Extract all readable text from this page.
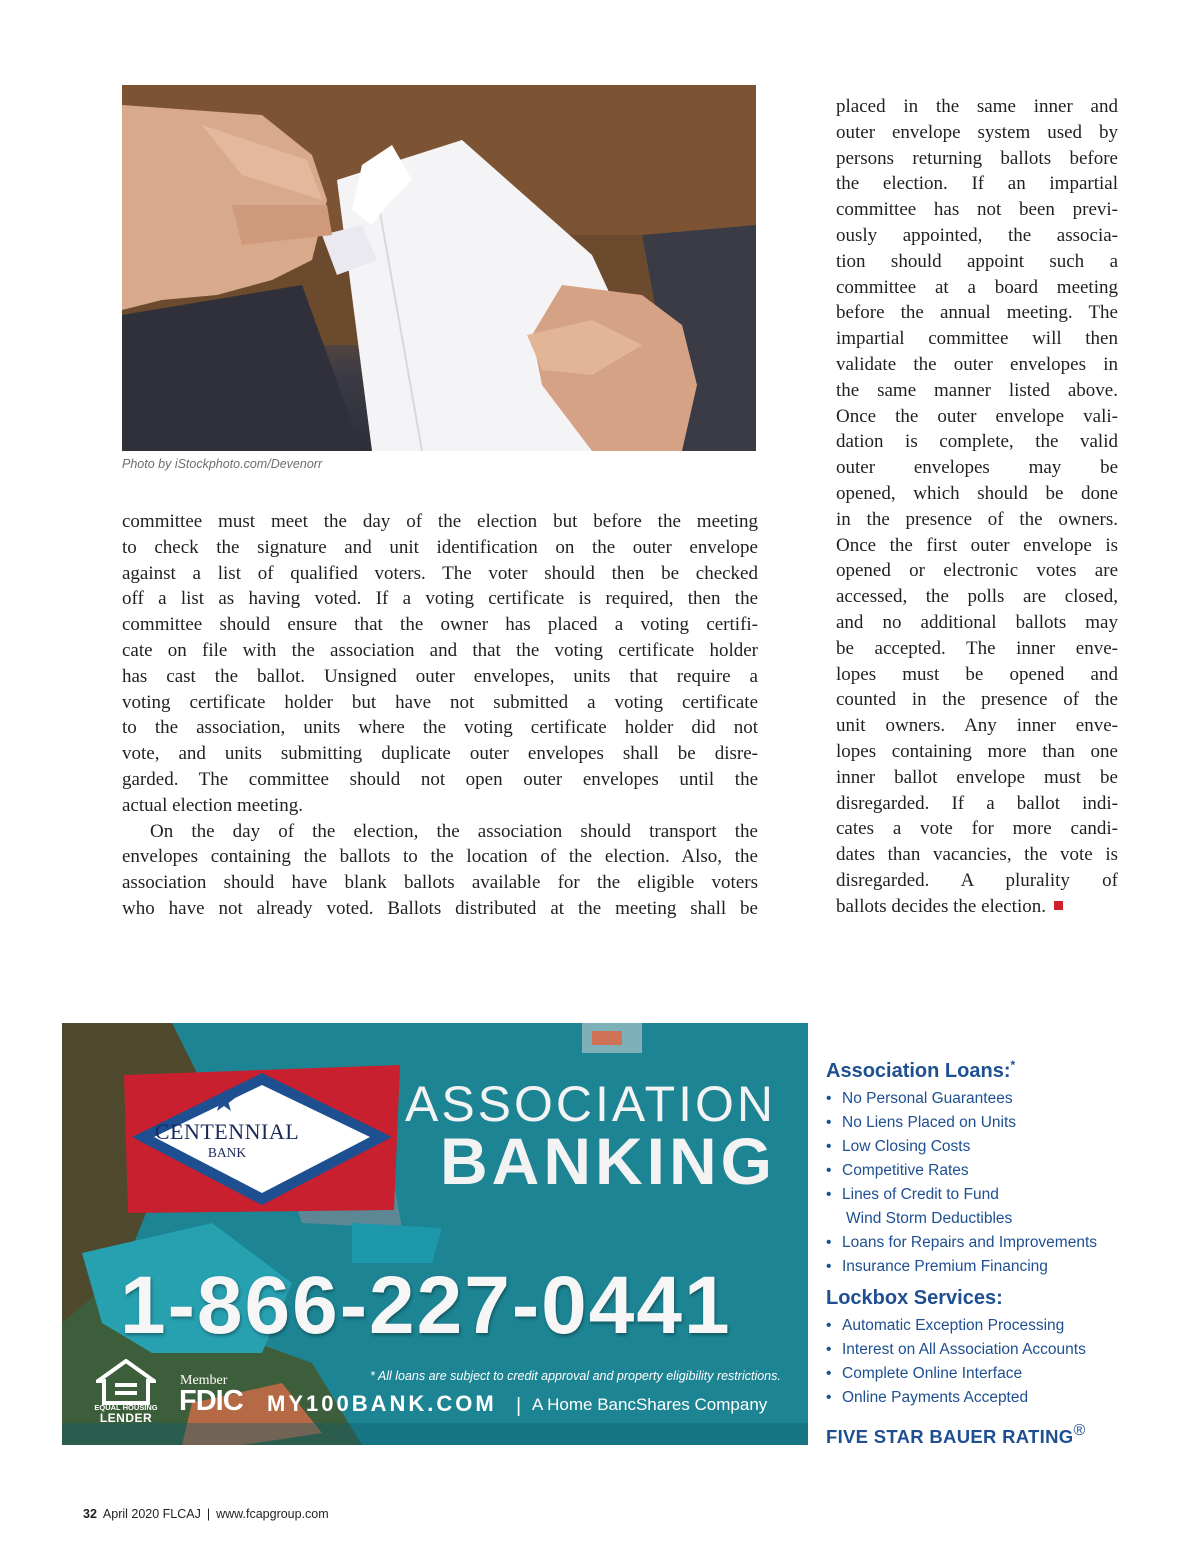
Photo by iStockphoto.com/Devenorr
committee must meet the day of the election but before the meeting
to check the signature and unit identification on the outer envelope
against a list of qualified voters. The voter should then be checked
off a list as having voted. If a voting certificate is required, then the
committee should ensure that the owner has placed a voting certifi-
cate on file with the association and that the voting certificate holder
has cast the ballot. Unsigned outer envelopes, units that require a
voting certificate holder but have not submitted a voting certificate
to the association, units where the voting certificate holder did not
vote, and units submitting duplicate outer envelopes shall be disre-
garded. The committee should not open outer envelopes until the
actual election meeting.
On the day of the election, the association should transport the
envelopes containing the ballots to the location of the election. Also, the
association should have blank ballots available for the eligible voters
who have not already voted. Ballots distributed at the meeting shall be
placed in the same inner and
outer envelope system used by
persons returning ballots before
the election. If an impartial
committee has not been previ-
ously appointed, the associa-
tion should appoint such a
committee at a board meeting
before the annual meeting. The
impartial committee will then
validate the outer envelopes in
the same manner listed above.
Once the outer envelope vali-
dation is complete, the valid
outer envelopes may be
opened, which should be done
in the presence of the owners.
Once the first outer envelope is
opened or electronic votes are
accessed, the polls are closed,
and no additional ballots may
be accepted. The inner enve-
lopes must be opened and
counted in the presence of the
unit owners. Any inner enve-
lopes containing more than one
inner ballot envelope must be
disregarded. If a ballot indi-
cates a vote for more candi-
dates than vacancies, the vote is
disregarded. A plurality of
ballots decides the election.
CENTENNIAL
BANK
ASSOCIATION
BANKING
1-866-227-0441
* All loans are subject to credit approval and property eligibility restrictions.
EQUAL HOUSING
LENDER
Member
FDIC MY100BANK.COM | A Home BancShares Company
Association Loans:*
• No Personal Guarantees
• No Liens Placed on Units
• Low Closing Costs
• Competitive Rates
• Lines of Credit to Fund
Wind Storm Deductibles
• Loans for Repairs and Improvements
• Insurance Premium Financing
Lockbox Services:
• Automatic Exception Processing
• Interest on All Association Accounts
• Complete Online Interface
• Online Payments Accepted
FIVE STAR BAUER RATING®
32 April 2020 FLCAJ | www.fcapgroup.com
